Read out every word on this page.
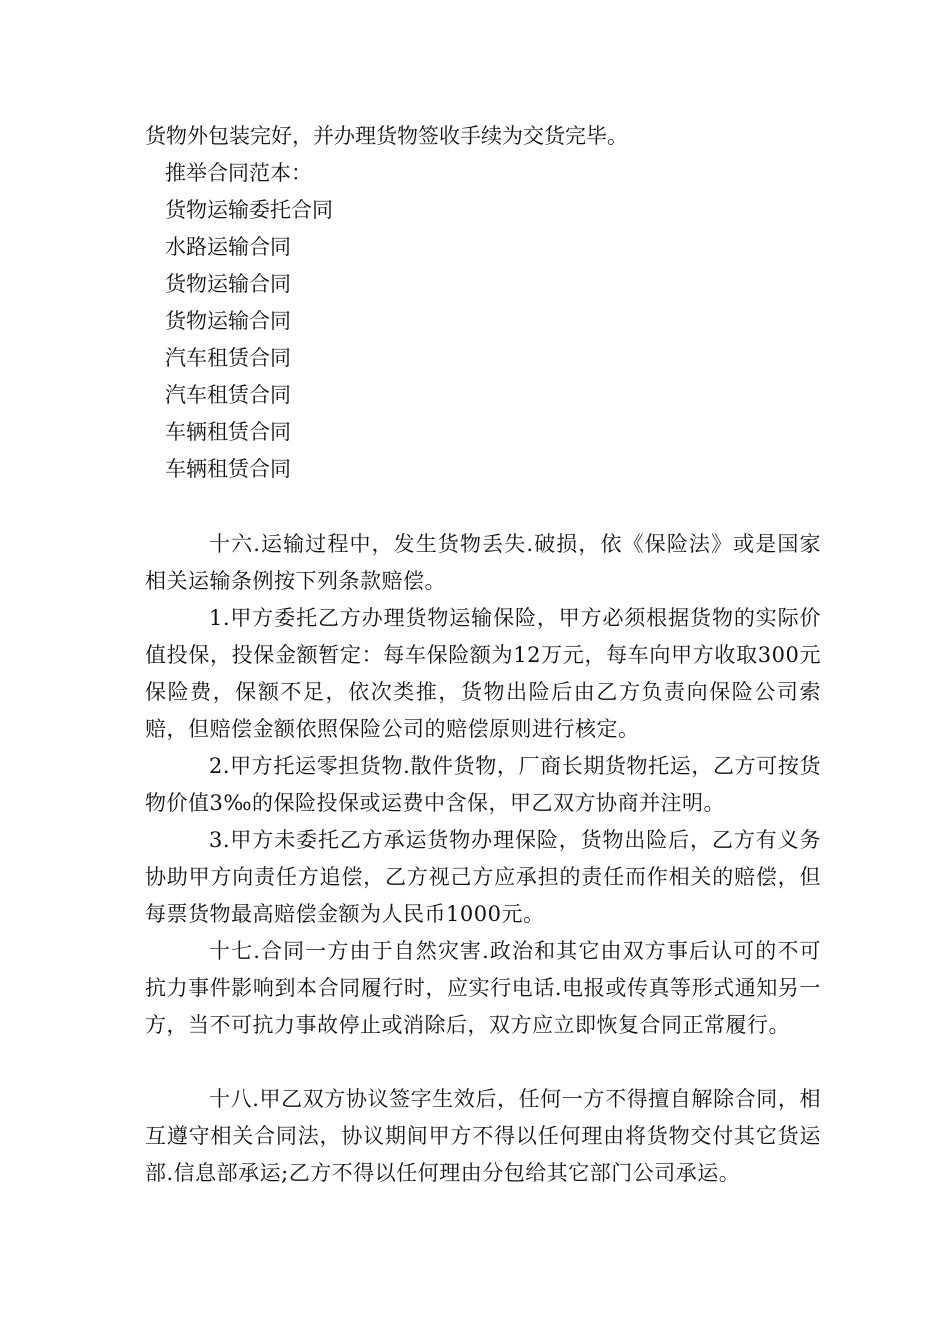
货物外包装完好，并办理货物签收手续为交货完毕。
推举合同范本：
货物运输委托合同
水路运输合同
货物运输合同
货物运输合同
汽车租赁合同
汽车租赁合同
车辆租赁合同
车辆租赁合同
十六.运输过程中，发生货物丢失.破损，依《保险法》或是国家相关运输条例按下列条款赔偿。
1.甲方委托乙方办理货物运输保险，甲方必须根据货物的实际价值投保，投保金额暂定：每车保险额为12万元，每车向甲方收取300元保险费，保额不足，依次类推，货物出险后由乙方负责向保险公司索赔，但赔偿金额依照保险公司的赔偿原则进行核定。
2.甲方托运零担货物.散件货物，厂商长期货物托运，乙方可按货物价值3‰的保险投保或运费中含保，甲乙双方协商并注明。
3.甲方未委托乙方承运货物办理保险，货物出险后，乙方有义务协助甲方向责任方追偿，乙方视己方应承担的责任而作相关的赔偿，但每票货物最高赔偿金额为人民币1000元。
十七.合同一方由于自然灾害.政治和其它由双方事后认可的不可抗力事件影响到本合同履行时，应实行电话.电报或传真等形式通知另一方，当不可抗力事故停止或消除后，双方应立即恢复合同正常履行。
十八.甲乙双方协议签字生效后，任何一方不得擅自解除合同，相互遵守相关合同法，协议期间甲方不得以任何理由将货物交付其它货运部.信息部承运;乙方不得以任何理由分包给其它部门公司承运。
